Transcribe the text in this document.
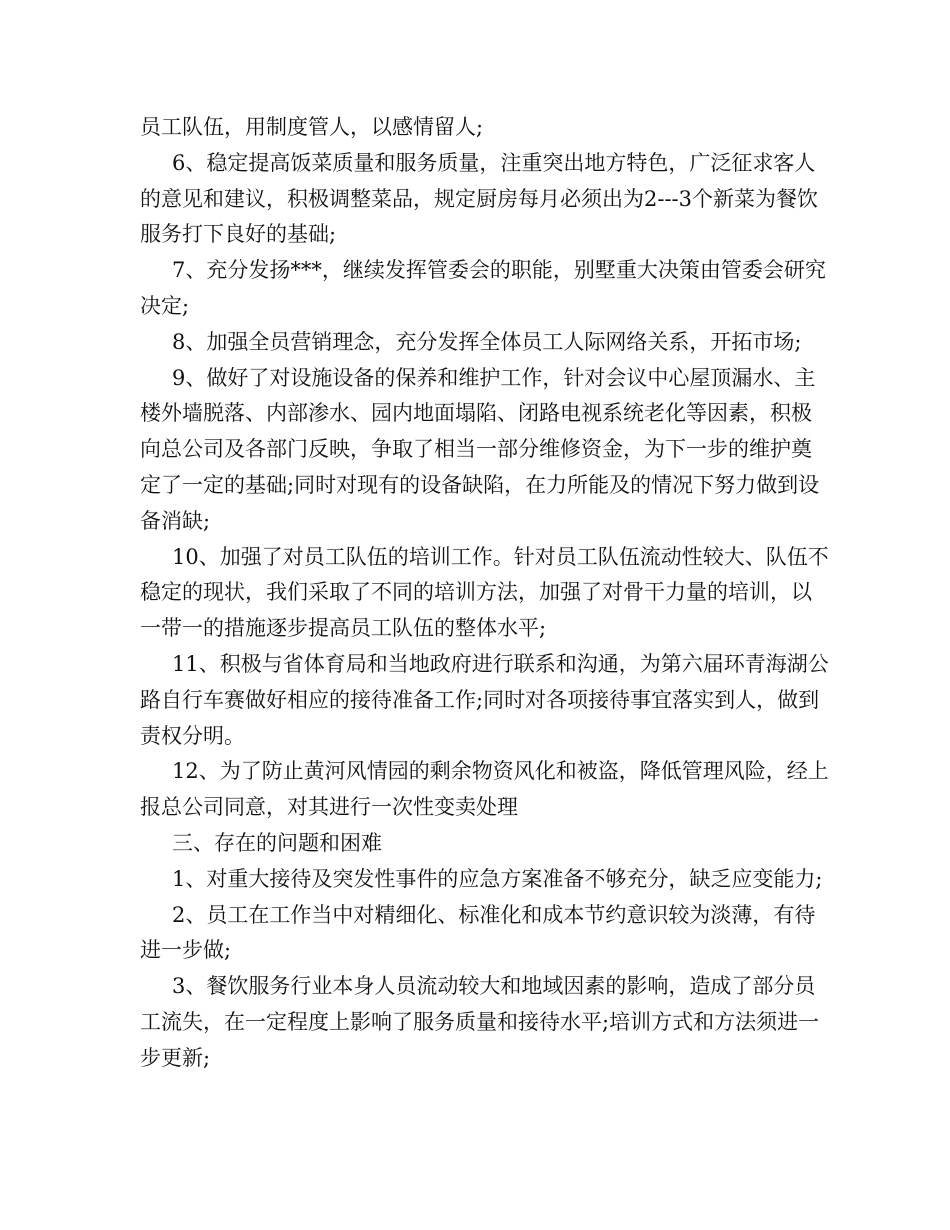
员工队伍，用制度管人，以感情留人;

6、稳定提高饭菜质量和服务质量，注重突出地方特色，广泛征求客人的意见和建议，积极调整菜品，规定厨房每月必须出为2---3个新菜为餐饮服务打下良好的基础;

7、充分发扬***，继续发挥管委会的职能，别墅重大决策由管委会研究决定;

8、加强全员营销理念，充分发挥全体员工人际网络关系，开拓市场;

9、做好了对设施设备的保养和维护工作，针对会议中心屋顶漏水、主楼外墙脱落、内部渗水、园内地面塌陷、闭路电视系统老化等因素，积极向总公司及各部门反映，争取了相当一部分维修资金，为下一步的维护奠定了一定的基础;同时对现有的设备缺陷，在力所能及的情况下努力做到设备消缺;

10、加强了对员工队伍的培训工作。针对员工队伍流动性较大、队伍不稳定的现状，我们采取了不同的培训方法，加强了对骨干力量的培训，以一带一的措施逐步提高员工队伍的整体水平;

11、积极与省体育局和当地政府进行联系和沟通，为第六届环青海湖公路自行车赛做好相应的接待准备工作;同时对各项接待事宜落实到人，做到责权分明。

12、为了防止黄河风情园的剩余物资风化和被盗，降低管理风险，经上报总公司同意，对其进行一次性变卖处理

三、存在的问题和困难

1、对重大接待及突发性事件的应急方案准备不够充分，缺乏应变能力;

2、员工在工作当中对精细化、标准化和成本节约意识较为淡薄，有待进一步做;

3、餐饮服务行业本身人员流动较大和地域因素的影响，造成了部分员工流失，在一定程度上影响了服务质量和接待水平;培训方式和方法须进一步更新;
